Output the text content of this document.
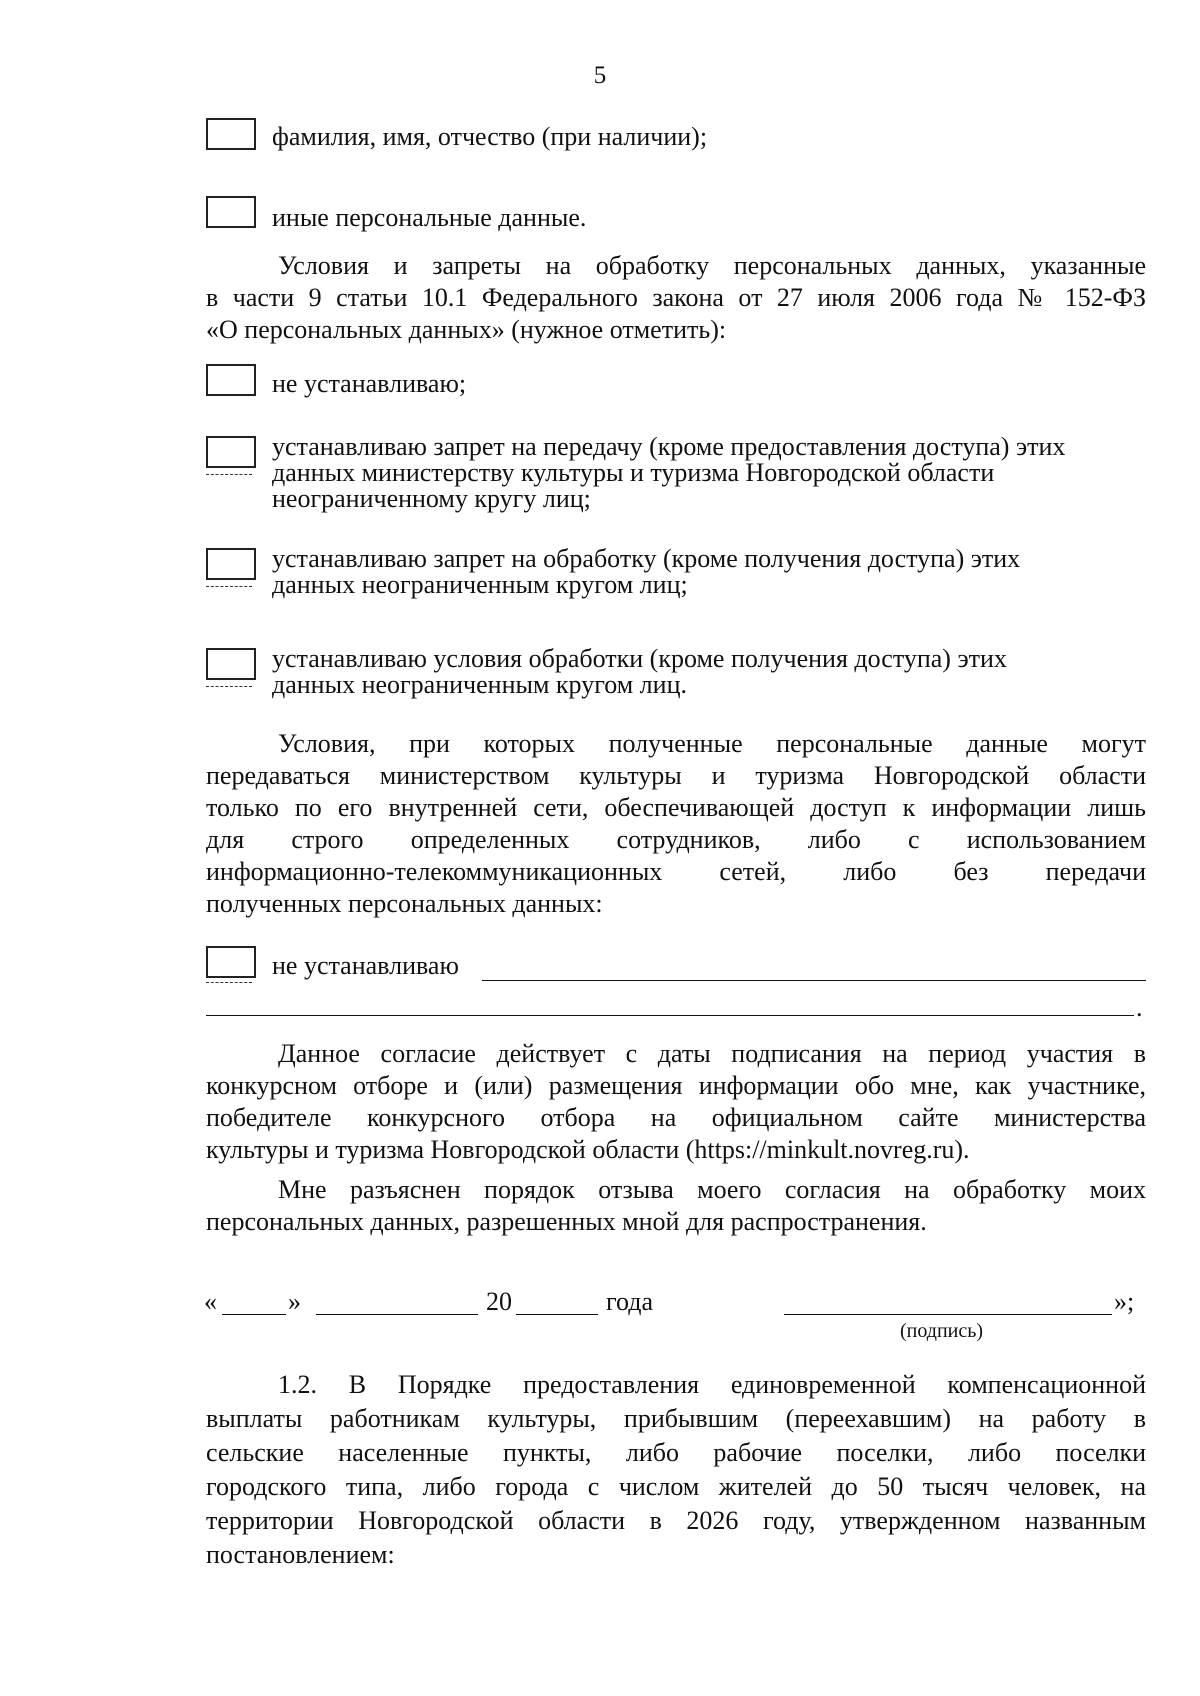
5
фамилия, имя, отчество (при наличии);
иные персональные данные.
Условия и запреты на обработку персональных данных, указанные
в части 9 статьи 10.1 Федерального закона от 27 июля 2006 года № 152-ФЗ
«О персональных данных» (нужное отметить):
не устанавливаю;
устанавливаю запрет на передачу (кроме предоставления доступа) этих
данных министерству культуры и туризма Новгородской области
неограниченному кругу лиц;
устанавливаю запрет на обработку (кроме получения доступа) этих
данных неограниченным кругом лиц;
устанавливаю условия обработки (кроме получения доступа) этих
данных неограниченным кругом лиц.
Условия, при которых полученные персональные данные могут
передаваться министерством культуры и туризма Новгородской области
только по его внутренней сети, обеспечивающей доступ к информации лишь
для строго определенных сотрудников, либо с использованием
информационно-телекоммуникационных сетей, либо без передачи
полученных персональных данных:
не устанавливаю
.
Данное согласие действует с даты подписания на период участия в
конкурсном отборе и (или) размещения информации обо мне, как участнике,
победителе конкурсного отбора на официальном сайте министерства
культуры и туризма Новгородской области (https://minkult.novreg.ru).
Мне разъяснен порядок отзыва моего согласия на обработку моих
персональных данных, разрешенных мной для распространения.
«	»	20	года	»;
(подпись)
1.2. В Порядке предоставления единовременной компенсационной
выплаты работникам культуры, прибывшим (переехавшим) на работу в
сельские населенные пункты, либо рабочие поселки, либо поселки
городского типа, либо города с числом жителей до 50 тысяч человек, на
территории Новгородской области в 2026 году, утвержденном названным
постановлением:
